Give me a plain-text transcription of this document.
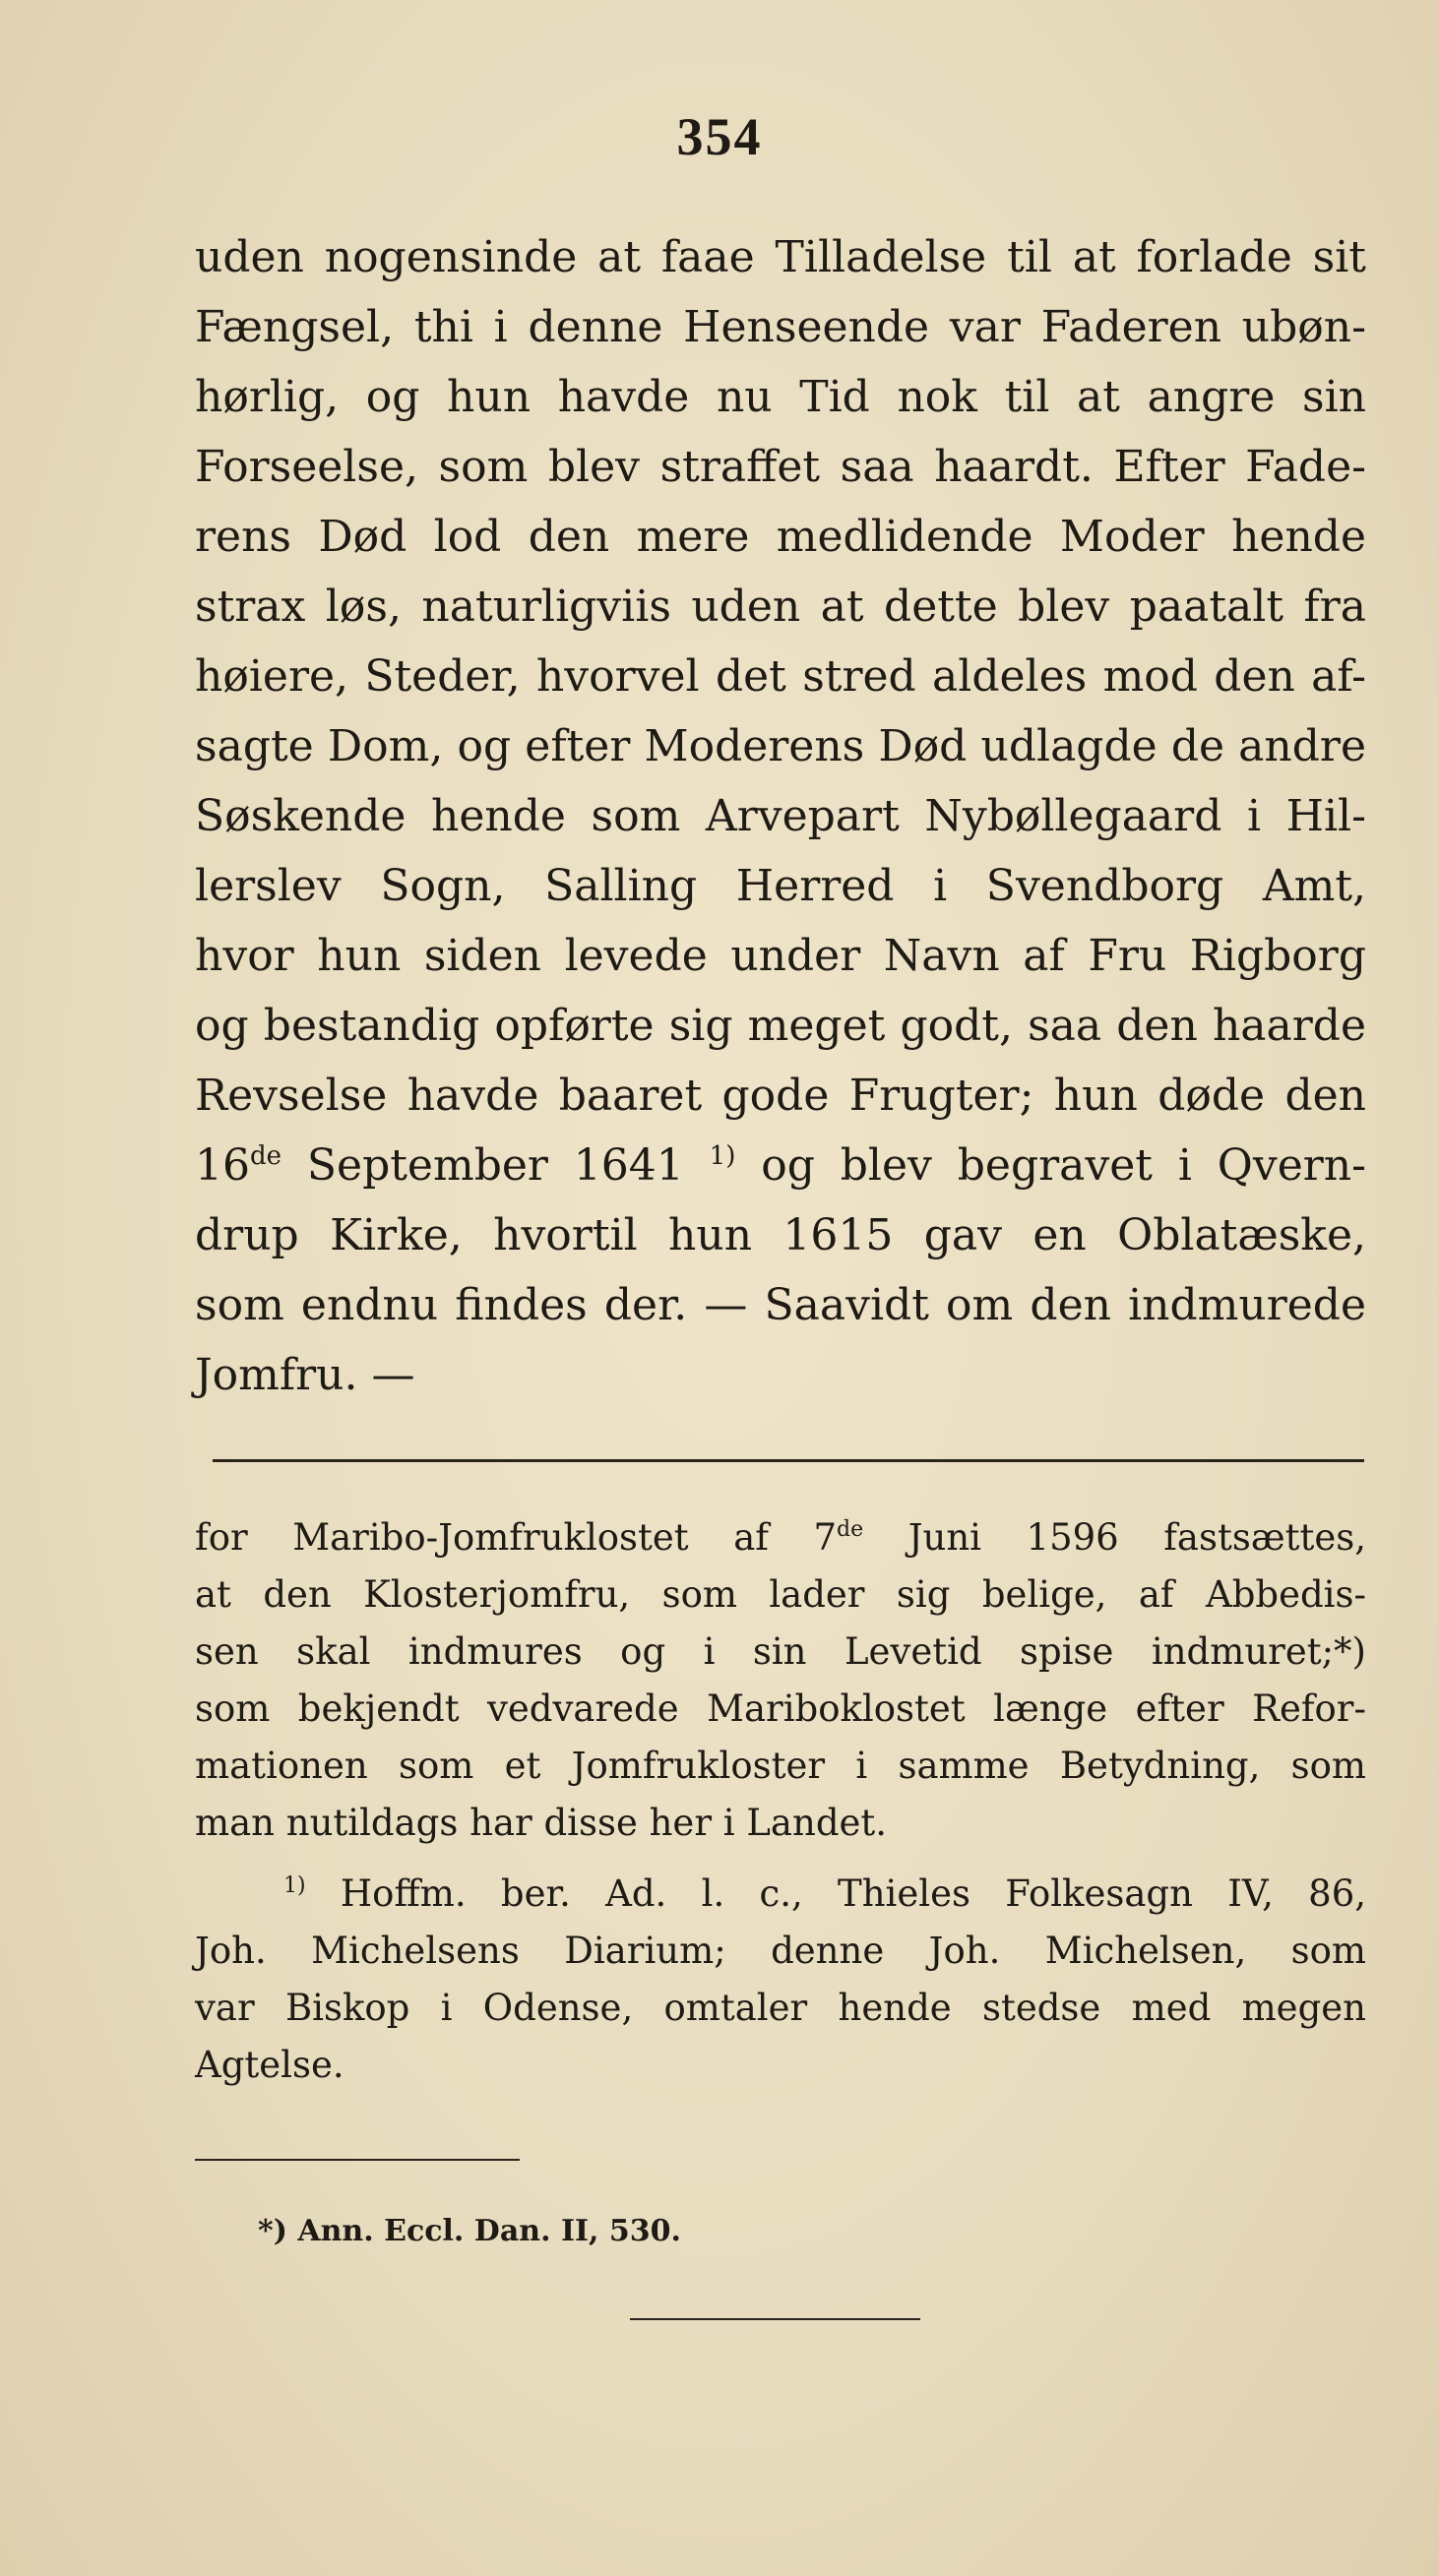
354
uden nogensinde at faae Tilladelse til at forlade sit
Fængsel, thi i denne Henseende var Faderen ubøn-
hørlig, og hun havde nu Tid nok til at angre sin
Forseelse, som blev straffet saa haardt. Efter Fade-
rens Død lod den mere medlidende Moder hende
strax løs, naturligviis uden at dette blev paatalt fra
høiere, Steder, hvorvel det stred aldeles mod den af-
sagte Dom, og efter Moderens Død udlagde de andre
Søskende hende som Arvepart Nybøllegaard i Hil-
lerslev Sogn, Salling Herred i Svendborg Amt,
hvor hun siden levede under Navn af Fru Rigborg
og bestandig opførte sig meget godt, saa den haarde
Revselse havde baaret gode Frugter; hun døde den
16de September 1641 $^{1)}$ og blev begravet i Qvern-
drup Kirke, hvortil hun 1615 gav en Oblatæske,
som endnu findes der. — Saavidt om den indmurede
Jomfru. —
for Maribo-Jomfruklostet af 7de Juni 1596 fastsættes,
at den Klosterjomfru, som lader sig belige, af Abbedis-
sen skal indmures og i sin Levetid spise indmuret;*)
som bekjendt vedvarede Mariboklostet længe efter Refor-
mationen som et Jomfrukloster i samme Betydning, som
man nutildags har disse her i Landet.
$^{1)}$ Hoffm. ber. Ad. l. c., Thieles Folkesagn IV, 86,
Joh. Michelsens Diarium; denne Joh. Michelsen, som
var Biskop i Odense, omtaler hende stedse med megen
Agtelse.
*) Ann. Eccl. Dan. II, 530.
